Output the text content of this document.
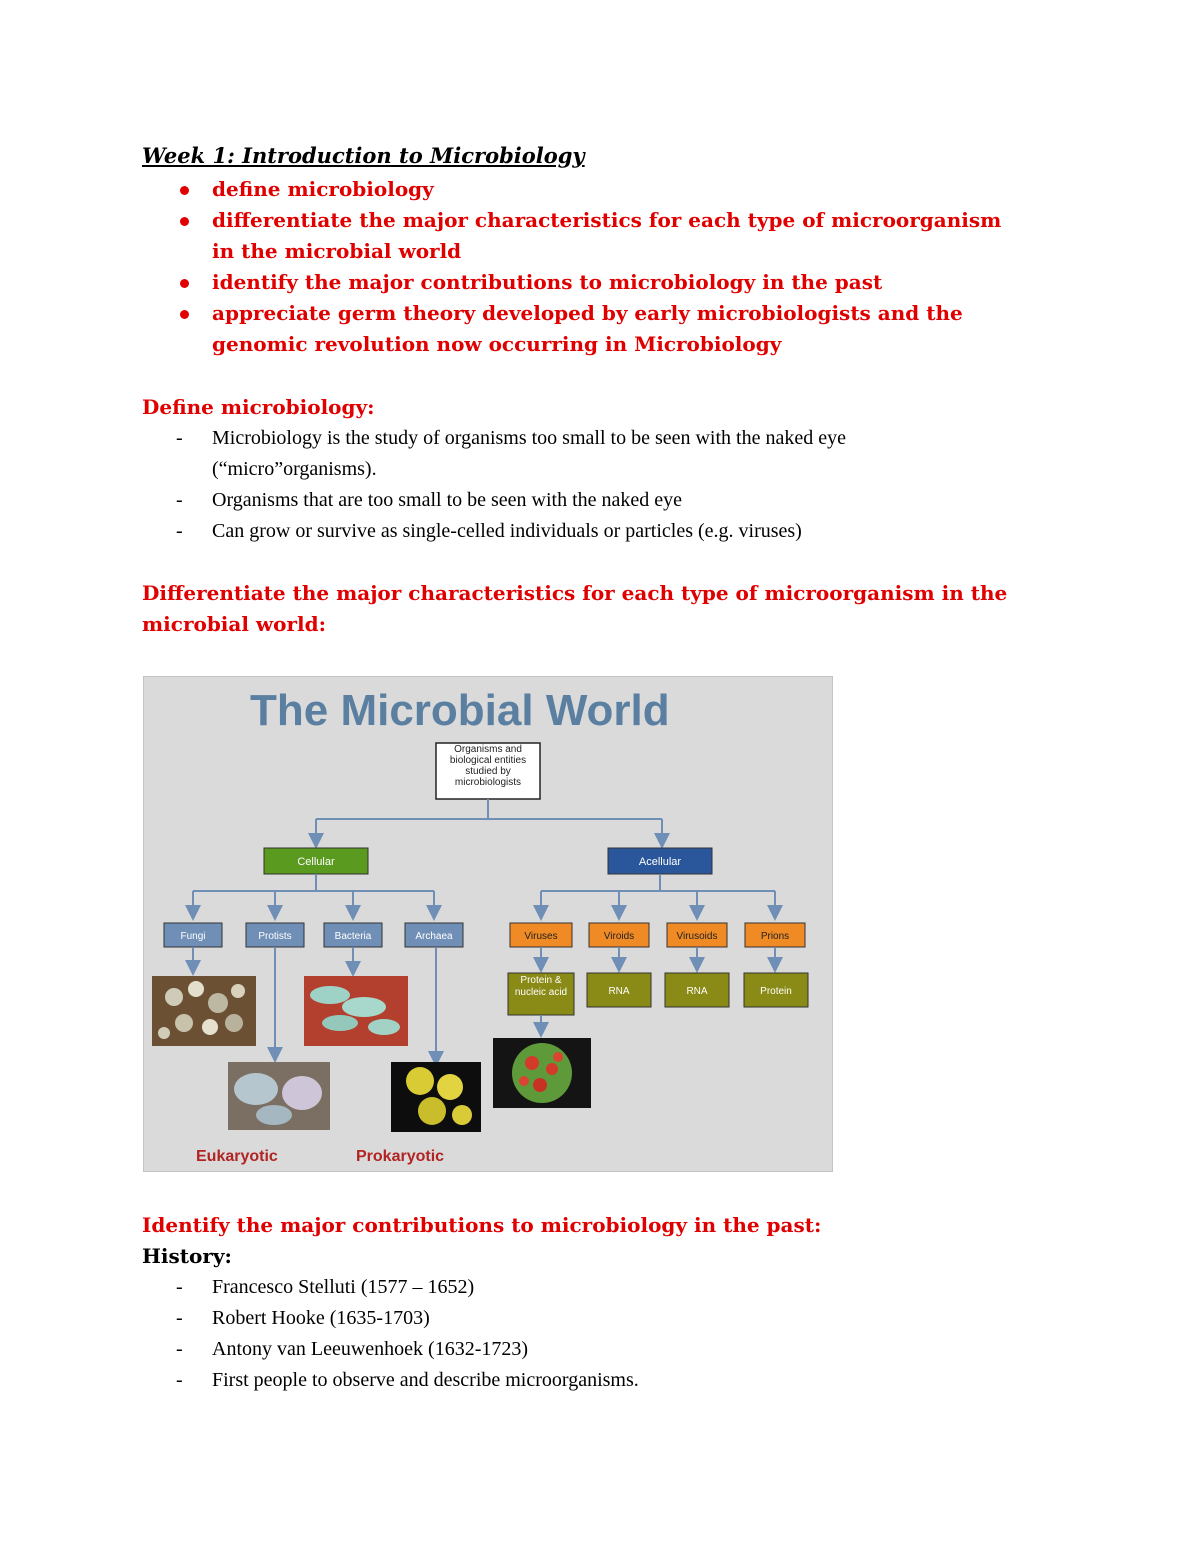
Week 1: Introduction to Microbiology
define microbiology
differentiate the major characteristics for each type of microorganism in the microbial world
identify the major contributions to microbiology in the past
appreciate germ theory developed by early microbiologists and the genomic revolution now occurring in Microbiology
Define microbiology:
- Microbiology is the study of organisms too small to be seen with the naked eye (“micro”organisms).
- Organisms that are too small to be seen with the naked eye
- Can grow or survive as single-celled individuals or particles (e.g. viruses)
Differentiate the major characteristics for each type of microorganism in the microbial world:
The Microbial World
Organisms and biological entities studied by microbiologists
Cellular	Acellular
Fungi	Protists	Bacteria	Archaea	Viruses	Viroids	Virusoids	Prions
Protein & nucleic acid	RNA	RNA	Protein
Eukaryotic	Prokaryotic
Identify the major contributions to microbiology in the past:
History:
- Francesco Stelluti (1577 – 1652)
- Robert Hooke (1635-1703)
- Antony van Leeuwenhoek (1632-1723)
- First people to observe and describe microorganisms.
